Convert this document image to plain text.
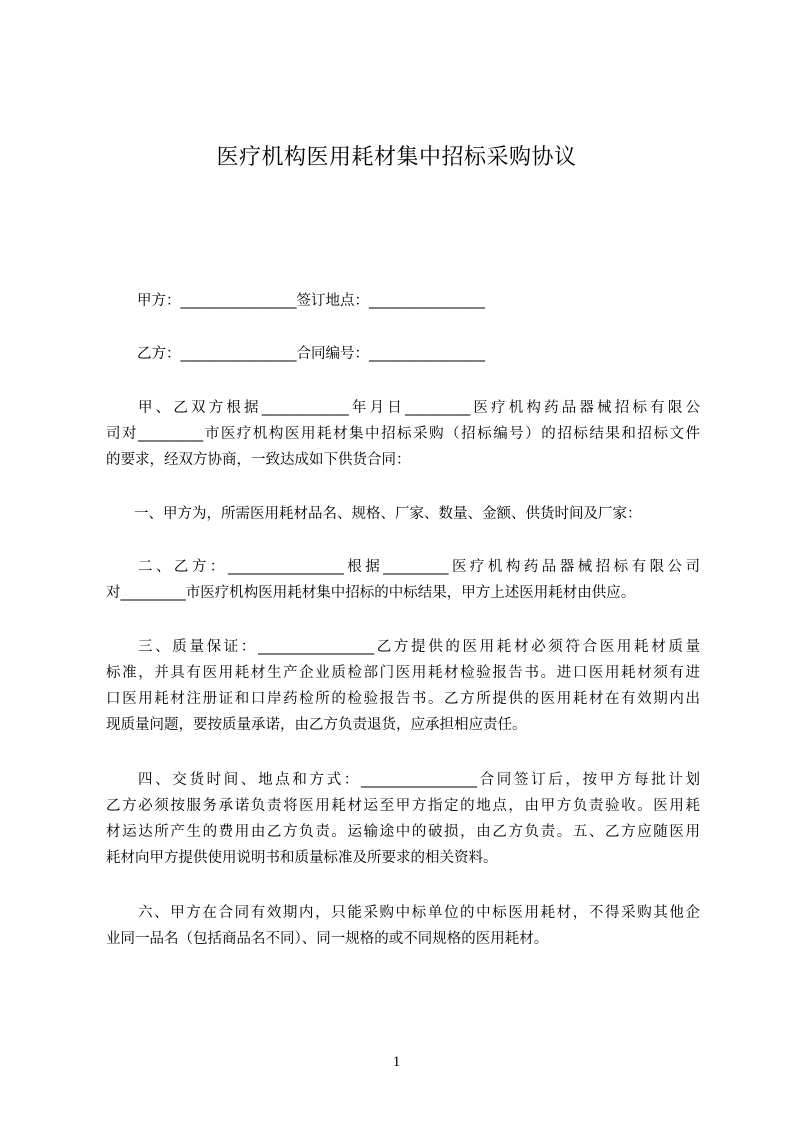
医疗机构医用耗材集中招标采购协议
甲方：________________签订地点：________________
乙方：________________合同编号：________________
甲、乙双方根据____________年月日_________医疗机构药品器械招标有限公
司对_________市医疗机构医用耗材集中招标采购（招标编号）的招标结果和招标文件
的要求，经双方协商，一致达成如下供货合同：
一、甲方为，所需医用耗材品名、规格、厂家、数量、金额、供货时间及厂家：
二、乙方：________________根据_________医疗机构药品器械招标有限公司
对_________市医疗机构医用耗材集中招标的中标结果，甲方上述医用耗材由供应。
三、质量保证：________________乙方提供的医用耗材必须符合医用耗材质量
标准，并具有医用耗材生产企业质检部门医用耗材检验报告书。进口医用耗材须有进
口医用耗材注册证和口岸药检所的检验报告书。乙方所提供的医用耗材在有效期内出
现质量问题，要按质量承诺，由乙方负责退货，应承担相应责任。
四、交货时间、地点和方式：________________合同签订后，按甲方每批计划
乙方必须按服务承诺负责将医用耗材运至甲方指定的地点，由甲方负责验收。医用耗
材运达所产生的费用由乙方负责。运输途中的破损，由乙方负责。五、乙方应随医用
耗材向甲方提供使用说明书和质量标准及所要求的相关资料。
六、甲方在合同有效期内，只能采购中标单位的中标医用耗材，不得采购其他企
业同一品名（包括商品名不同）、同一规格的或不同规格的医用耗材。
1
